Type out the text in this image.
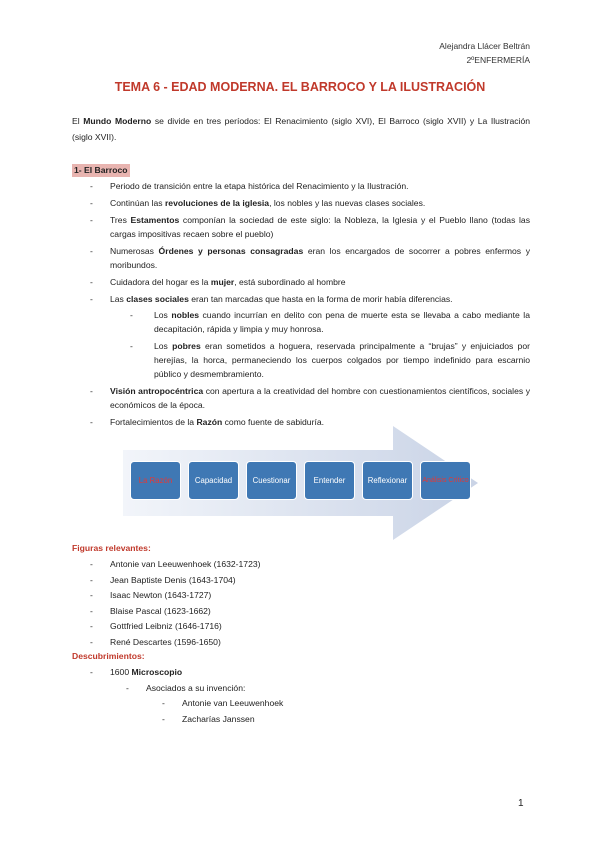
Alejandra Llácer Beltrán
2ºENFERMERÍA
TEMA 6 - EDAD MODERNA. EL BARROCO Y LA ILUSTRACIÓN
El Mundo Moderno se divide en tres períodos: El Renacimiento (siglo XVI), El Barroco (siglo XVII) y La Ilustración (siglo XVII).
1- El Barroco
- Periodo de transición entre la etapa histórica del Renacimiento y la Ilustración.
- Continúan las revoluciones de la iglesia, los nobles y las nuevas clases sociales.
- Tres Estamentos componían la sociedad de este siglo: la Nobleza, la Iglesia y el Pueblo llano (todas las cargas impositivas recaen sobre el pueblo)
- Numerosas Órdenes y personas consagradas eran los encargados de socorrer a pobres enfermos y moribundos.
- Cuidadora del hogar es la mujer, está subordinado al hombre
- Las clases sociales eran tan marcadas que hasta en la forma de morir había diferencias.
- Los nobles cuando incurrían en delito con pena de muerte esta se llevaba a cabo mediante la decapitación, rápida y limpia y muy honrosa.
- Los pobres eran sometidos a hoguera, reservada principalmente a “brujas” y enjuiciados por herejías, la horca, permaneciendo los cuerpos colgados por tiempo indefinido para escarnio público y desmembramiento.
- Visión antropocéntrica con apertura a la creatividad del hombre con cuestionamientos científicos, sociales y económicos de la época.
- Fortalecimientos de la Razón como fuente de sabiduría.
La Razón	Capacidad	Cuestionar	Entender	Reflexionar	Análisis Crítico
Figuras relevantes:
- Antonie van Leeuwenhoek (1632-1723)
- Jean Baptiste Denis (1643-1704)
- Isaac Newton (1643-1727)
- Blaise Pascal (1623-1662)
- Gottfried Leibniz (1646-1716)
- René Descartes (1596-1650)
Descubrimientos:
- 1600 Microscopio
- Asociados a su invención:
- Antonie van Leeuwenhoek
- Zacharías Janssen
1
